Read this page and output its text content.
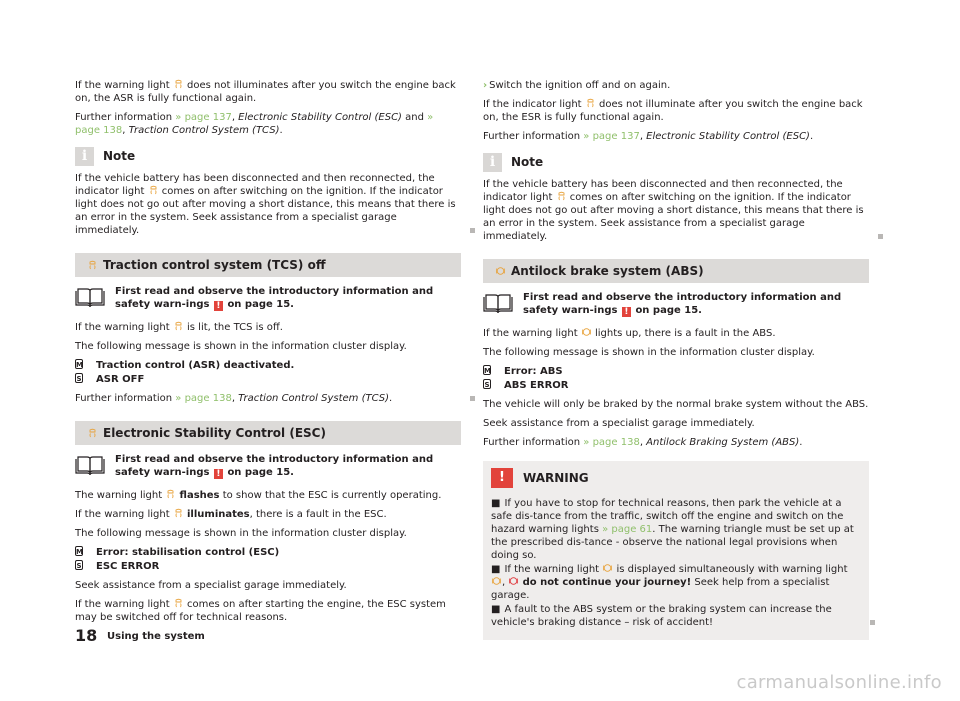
If the warning light does not illuminates after you switch the engine back on, the ASR is fully functional again.

Further information » page 137, Electronic Stability Control (ESC) and » page 138, Traction Control System (TCS).

i	Note

If the vehicle battery has been disconnected and then reconnected, the indicator light comes on after switching on the ignition. If the indicator light does not go out after moving a short distance, this means that there is an error in the system. Seek assistance from a specialist garage immediately.

Traction control system (TCS) off
First read and observe the introductory information and safety warn-ings ! on page 15.

If the warning light is lit, the TCS is off.

The following message is shown in the information cluster display.

M Traction control (ASR) deactivated.
S ASR OFF

Further information » page 138, Traction Control System (TCS).

Electronic Stability Control (ESC)
First read and observe the introductory information and safety warn-ings ! on page 15.

The warning light flashes to show that the ESC is currently operating.

If the warning light illuminates, there is a fault in the ESC.

The following message is shown in the information cluster display.

M Error: stabilisation control (ESC)
S ESC ERROR

Seek assistance from a specialist garage immediately.

If the warning light comes on after starting the engine, the ESC system may be switched off for technical reasons.

› Switch the ignition off and on again.

If the indicator light does not illuminate after you switch the engine back on, the ESR is fully functional again.

Further information » page 137, Electronic Stability Control (ESC).

i	Note

If the vehicle battery has been disconnected and then reconnected, the indicator light comes on after switching on the ignition. If the indicator light does not go out after moving a short distance, this means that there is an error in the system. Seek assistance from a specialist garage immediately.

Antilock brake system (ABS)
First read and observe the introductory information and safety warn-ings ! on page 15.

If the warning light lights up, there is a fault in the ABS.

The following message is shown in the information cluster display.

M Error: ABS
S ABS ERROR

The vehicle will only be braked by the normal brake system without the ABS.

Seek assistance from a specialist garage immediately.

Further information » page 138, Antilock Braking System (ABS).

!	WARNING

■ If you have to stop for technical reasons, then park the vehicle at a safe dis-tance from the traffic, switch off the engine and switch on the hazard warning lights » page 61. The warning triangle must be set up at the prescribed dis-tance - observe the national legal provisions when doing so.

■ If the warning light is displayed simultaneously with warning light
, do not continue your journey! Seek help from a specialist garage.

■ A fault to the ABS system or the braking system can increase the vehicle's braking distance – risk of accident!

18 Using the system
carmanualsonline.info
